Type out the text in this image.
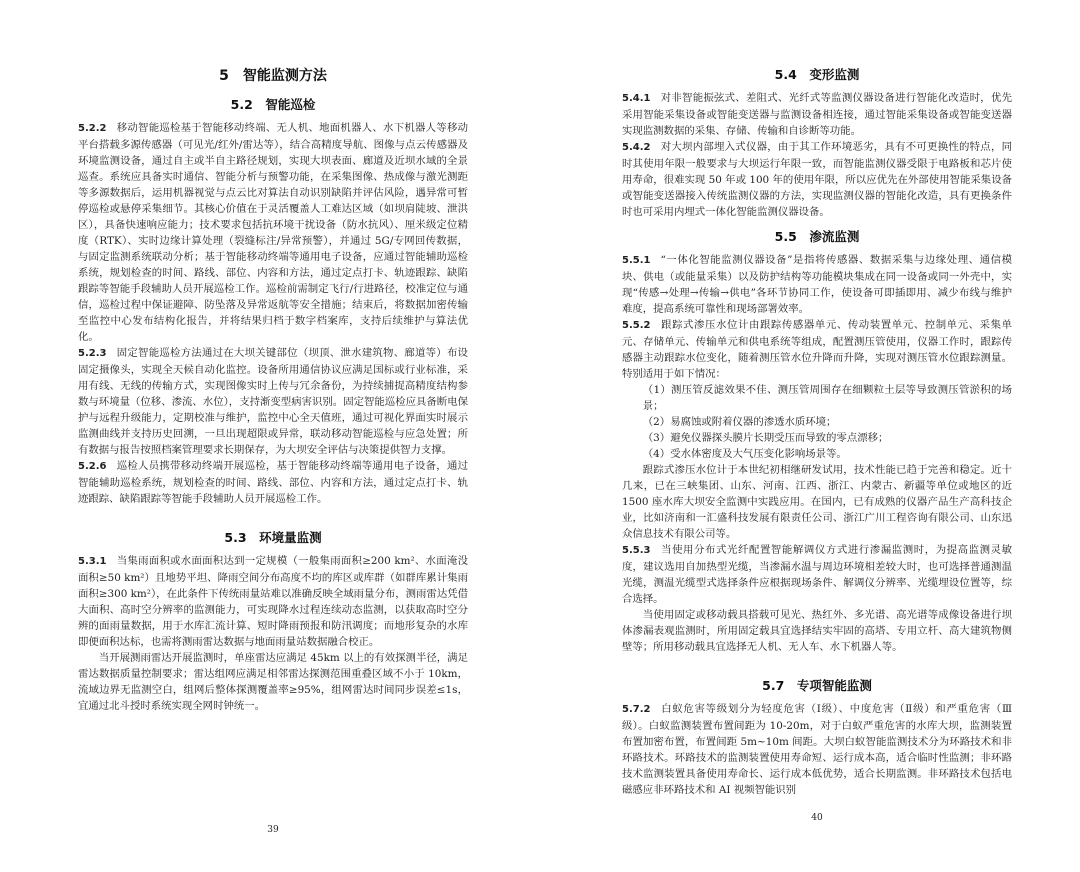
5　智能监测方法
5.2　智能巡检
5.2.2 移动智能巡检基于智能移动终端、无人机、地面机器人、水下机器人等移动平台搭载多源传感器（可见光/红外/雷达等），结合高精度导航、图像与点云传感器及环境监测设备，通过自主或半自主路径规划，实现大坝表面、廊道及近坝水域的全景巡查。系统应具备实时通信、智能分析与预警功能，在采集图像、热成像与激光测距等多源数据后，运用机器视觉与点云比对算法自动识别缺陷并评估风险，遇异常可暂停巡检或悬停采集细节。其核心价值在于灵活覆盖人工难达区域（如坝肩陡坡、泄洪区），具备快速响应能力；技术要求包括抗环境干扰设备（防水抗风）、厘米级定位精度（RTK）、实时边缘计算处理（裂缝标注/异常预警），并通过 5G/专网回传数据，与固定监测系统联动分析；基于智能移动终端等通用电子设备，应通过智能辅助巡检系统，规划检查的时间、路线、部位、内容和方法，通过定点打卡、轨迹跟踪、缺陷跟踪等智能手段辅助人员开展巡检工作。巡检前需制定飞行/行进路径，校准定位与通信，巡检过程中保证避障、防坠落及异常返航等安全措施；结束后，将数据加密传输至监控中心发布结构化报告，并将结果归档于数字档案库，支持后续维护与算法优化。
5.2.3 固定智能巡检方法通过在大坝关键部位（坝顶、泄水建筑物、廊道等）布设固定摄像头，实现全天候自动化监控。设备所用通信协议应满足国标或行业标准，采用有线、无线的传输方式，实现图像实时上传与冗余备份，为持续捕捉高精度结构参数与环境量（位移、渗流、水位），支持渐变型病害识别。固定智能巡检应具备断电保护与远程升级能力，定期校准与维护，监控中心全天值班，通过可视化界面实时展示监测曲线并支持历史回溯，一旦出现超限或异常，联动移动智能巡检与应急处置；所有数据与报告按照档案管理要求长期保存，为大坝安全评估与决策提供智力支撑。
5.2.6 巡检人员携带移动终端开展巡检，基于智能移动终端等通用电子设备，通过智能辅助巡检系统，规划检查的时间、路线、部位、内容和方法，通过定点打卡、轨迹跟踪、缺陷跟踪等智能手段辅助人员开展巡检工作。
5.3　环境量监测
5.3.1 当集雨面积或水面面积达到一定规模（一般集雨面积≥200 km²、水面淹没面积≥50 km²）且地势平坦、降雨空间分布高度不均的库区或库群（如群库累计集雨面积≥300 km²），在此条件下传统雨量站难以准确反映全域雨量分布，测雨雷达凭借大面积、高时空分辨率的监测能力，可实现降水过程连续动态监测，以获取高时空分辨的面雨量数据，用于水库汇流计算、短时降雨预报和防汛调度；而地形复杂的水库即便面积达标，也需将测雨雷达数据与地面雨量站数据融合校正。
当开展测雨雷达开展监测时，单座雷达应满足 45km 以上的有效探测半径，满足雷达数据质量控制要求；雷达组网应满足相邻雷达探测范围重叠区域不小于 10km，流域边界无监测空白，组网后整体探测覆盖率≥95%，组网雷达时间同步误差≤1s，宜通过北斗授时系统实现全网时钟统一。
39
5.4　变形监测
5.4.1 对非智能振弦式、差阻式、光纤式等监测仪器设备进行智能化改造时，优先采用智能采集设备或智能变送器与监测设备相连接，通过智能采集设备或智能变送器实现监测数据的采集、存储、传输和自诊断等功能。
5.4.2 对大坝内部埋入式仪器，由于其工作环境恶劣，具有不可更换性的特点，同时其使用年限一般要求与大坝运行年限一致，而智能监测仪器受限于电路板和芯片使用寿命，很难实现 50 年或 100 年的使用年限，所以应优先在外部使用智能采集设备或智能变送器接入传统监测仪器的方法，实现监测仪器的智能化改造，具有更换条件时也可采用内埋式一体化智能监测仪器设备。
5.5　渗流监测
5.5.1 “一体化智能监测仪器设备”是指将传感器、数据采集与边缘处理、通信模块、供电（或能量采集）以及防护结构等功能模块集成在同一设备或同一外壳中，实现“传感→处理→传输→供电”各环节协同工作，使设备可即插即用、减少布线与维护难度，提高系统可靠性和现场部署效率。
5.5.2 跟踪式渗压水位计由跟踪传感器单元、传动装置单元、控制单元、采集单元、存储单元、传输单元和供电系统等组成，配置测压管使用，仪器工作时，跟踪传感器主动跟踪水位变化，随着测压管水位升降而升降，实现对测压管水位跟踪测量。特别适用于如下情况：
（1）测压管反滤效果不佳、测压管周围存在细颗粒土层等导致测压管淤积的场景；
（2）易腐蚀或附着仪器的渗透水质环境；
（3）避免仪器探头膜片长期受压而导致的零点漂移；
（4）受水体密度及大气压变化影响场景等。
跟踪式渗压水位计于本世纪初相继研发试用，技术性能已趋于完善和稳定。近十几来，已在三峡集团、山东、河南、江西、浙江、内蒙古、新疆等单位或地区的近 1500 座水库大坝安全监测中实践应用。在国内，已有成熟的仪器产品生产高科技企业，比如济南和一汇盛科技发展有限责任公司、浙江广川工程咨询有限公司、山东迅众信息技术有限公司等。
5.5.3 当使用分布式光纤配置智能解调仪方式进行渗漏监测时，为提高监测灵敏度，建议选用自加热型光缆，当渗漏水温与周边环境相差较大时，也可选择普通测温光缆，测温光缆型式选择条件应根据现场条件、解调仪分辨率、光缆埋设位置等，综合选择。
当使用固定或移动载具搭载可见光、热红外、多光谱、高光谱等成像设备进行坝体渗漏表观监测时，所用固定载具宜选择结实牢固的高塔、专用立杆、高大建筑物侧壁等；所用移动载具宜选择无人机、无人车、水下机器人等。
5.7　专项智能监测
5.7.2 白蚁危害等级划分为轻度危害（Ⅰ级）、中度危害（Ⅱ级）和严重危害（Ⅲ级）。白蚁监测装置布置间距为 10-20m，对于白蚁严重危害的水库大坝，监测装置布置加密布置，布置间距 5m~10m 间距。大坝白蚁智能监测技术分为环路技术和非环路技术。环路技术的监测装置使用寿命短、运行成本高，适合临时性监测；非环路技术监测装置具备使用寿命长、运行成本低优势，适合长期监测。非环路技术包括电磁感应非环路技术和 AI 视频智能识别
40
